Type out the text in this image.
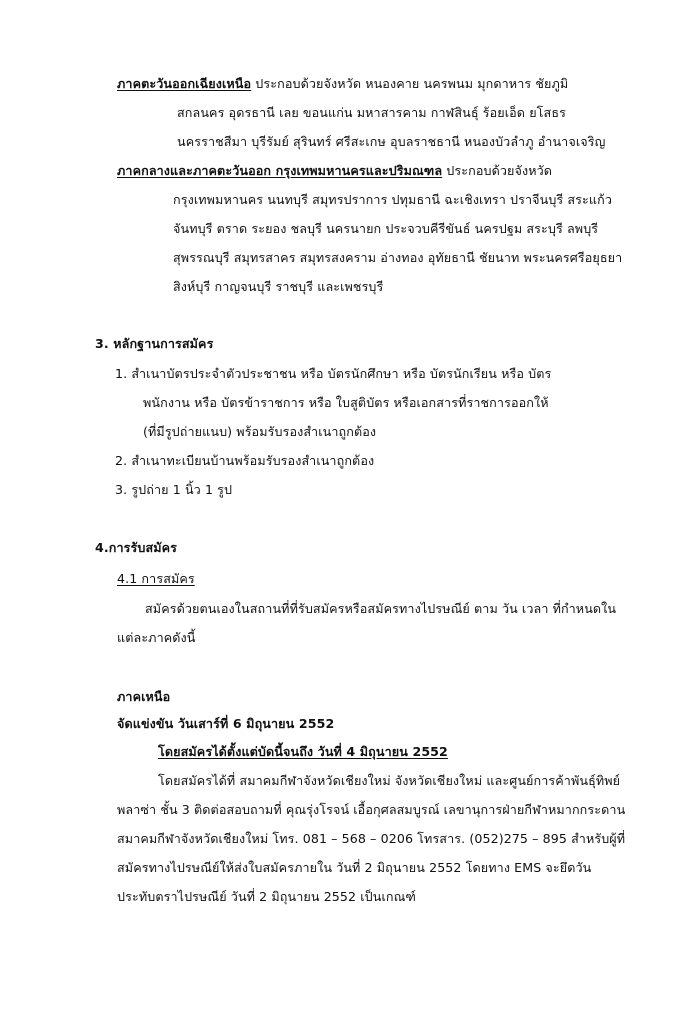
ภาคตะวันออกเฉียงเหนือ ประกอบด้วยจังหวัด หนองคาย นครพนม มุกดาหาร ชัยภูมิ
สกลนคร อุดรธานี เลย ขอนแก่น มหาสารคาม กาฬสินธุ์ ร้อยเอ็ด ยโสธร
นครราชสีมา บุรีรัมย์ สุรินทร์ ศรีสะเกษ อุบลราชธานี หนองบัวลำภู อำนาจเจริญ
ภาคกลางและภาคตะวันออก กรุงเทพมหานครและปริมณฑล ประกอบด้วยจังหวัด
กรุงเทพมหานคร นนทบุรี สมุทรปราการ ปทุมธานี ฉะเชิงเทรา ปราจีนบุรี สระแก้ว
จันทบุรี ตราด ระยอง ชลบุรี นครนายก ประจวบคีรีขันธ์ นครปฐม สระบุรี ลพบุรี
สุพรรณบุรี สมุทรสาคร สมุทรสงคราม อ่างทอง อุทัยธานี ชัยนาท พระนครศรีอยุธยา
สิงห์บุรี กาญจนบุรี ราชบุรี และเพชรบุรี
3. หลักฐานการสมัคร
1. สำเนาบัตรประจำตัวประชาชน หรือ บัตรนักศึกษา หรือ บัตรนักเรียน หรือ บัตร
พนักงาน หรือ บัตรข้าราชการ หรือ ใบสูติบัตร หรือเอกสารที่ราชการออกให้
(ที่มีรูปถ่ายแนบ) พร้อมรับรองสำเนาถูกต้อง
2. สำเนาทะเบียนบ้านพร้อมรับรองสำเนาถูกต้อง
3. รูปถ่าย 1 นิ้ว 1 รูป
4.การรับสมัคร
4.1 การสมัคร
สมัครด้วยตนเองในสถานที่ที่รับสมัครหรือสมัครทางไปรษณีย์ ตาม วัน เวลา ที่กำหนดใน
แต่ละภาคดังนี้
ภาคเหนือ
จัดแข่งขัน วันเสาร์ที่ 6 มิถุนายน 2552
โดยสมัครได้ตั้งแต่บัดนี้จนถึง วันที่ 4 มิถุนายน 2552
โดยสมัครได้ที่ สมาคมกีฬาจังหวัดเชียงใหม่ จังหวัดเชียงใหม่ และศูนย์การค้าพันธุ์ทิพย์
พลาซ่า ชั้น 3 ติดต่อสอบถามที่ คุณรุ่งโรจน์ เอื้อกุศลสมบูรณ์ เลขานุการฝ่ายกีฬาหมากกระดาน
สมาคมกีฬาจังหวัดเชียงใหม่ โทร. 081 – 568 – 0206 โทรสาร. (052)275 – 895 สำหรับผู้ที่
สมัครทางไปรษณีย์ให้ส่งใบสมัครภายใน วันที่ 2 มิถุนายน 2552 โดยทาง EMS จะยึดวัน
ประทับตราไปรษณีย์ วันที่ 2 มิถุนายน 2552 เป็นเกณฑ์
